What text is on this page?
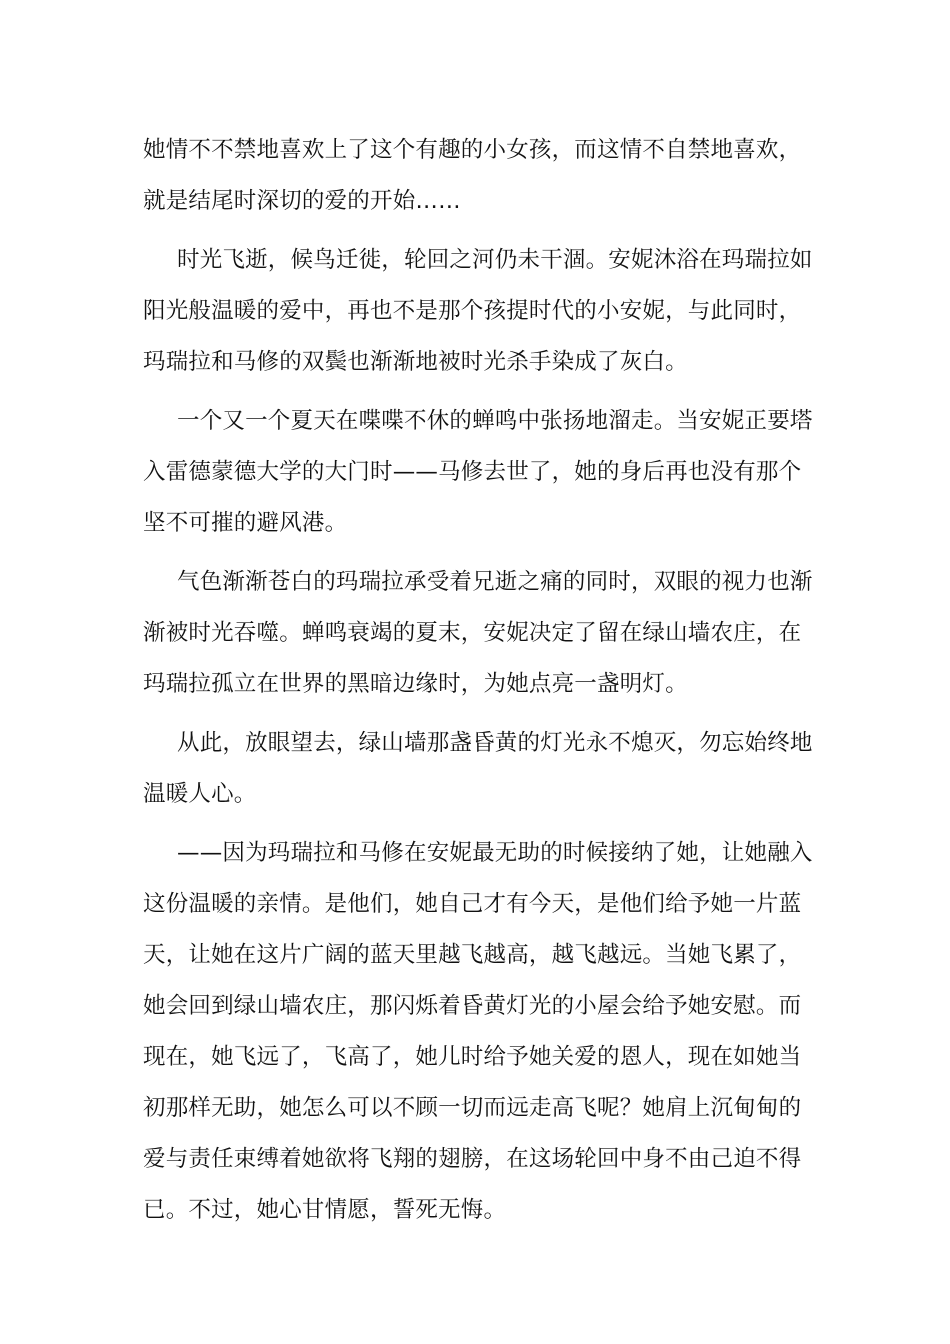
她情不不禁地喜欢上了这个有趣的小女孩，而这情不自禁地喜欢，就是结尾时深切的爱的开始……

时光飞逝，候鸟迁徙，轮回之河仍未干涸。安妮沐浴在玛瑞拉如阳光般温暖的爱中，再也不是那个孩提时代的小安妮，与此同时，玛瑞拉和马修的双鬓也渐渐地被时光杀手染成了灰白。

一个又一个夏天在喋喋不休的蝉鸣中张扬地溜走。当安妮正要塔入雷德蒙德大学的大门时——马修去世了，她的身后再也没有那个坚不可摧的避风港。

气色渐渐苍白的玛瑞拉承受着兄逝之痛的同时，双眼的视力也渐渐被时光吞噬。蝉鸣衰竭的夏末，安妮决定了留在绿山墙农庄，在玛瑞拉孤立在世界的黑暗边缘时，为她点亮一盏明灯。

从此，放眼望去，绿山墙那盏昏黄的灯光永不熄灭，勿忘始终地温暖人心。

——因为玛瑞拉和马修在安妮最无助的时候接纳了她，让她融入这份温暖的亲情。是他们，她自己才有今天，是他们给予她一片蓝天，让她在这片广阔的蓝天里越飞越高，越飞越远。当她飞累了，她会回到绿山墙农庄，那闪烁着昏黄灯光的小屋会给予她安慰。而现在，她飞远了，飞高了，她儿时给予她关爱的恩人，现在如她当初那样无助，她怎么可以不顾一切而远走高飞呢？她肩上沉甸甸的爱与责任束缚着她欲将飞翔的翅膀，在这场轮回中身不由己迫不得已。不过，她心甘情愿，誓死无悔。
